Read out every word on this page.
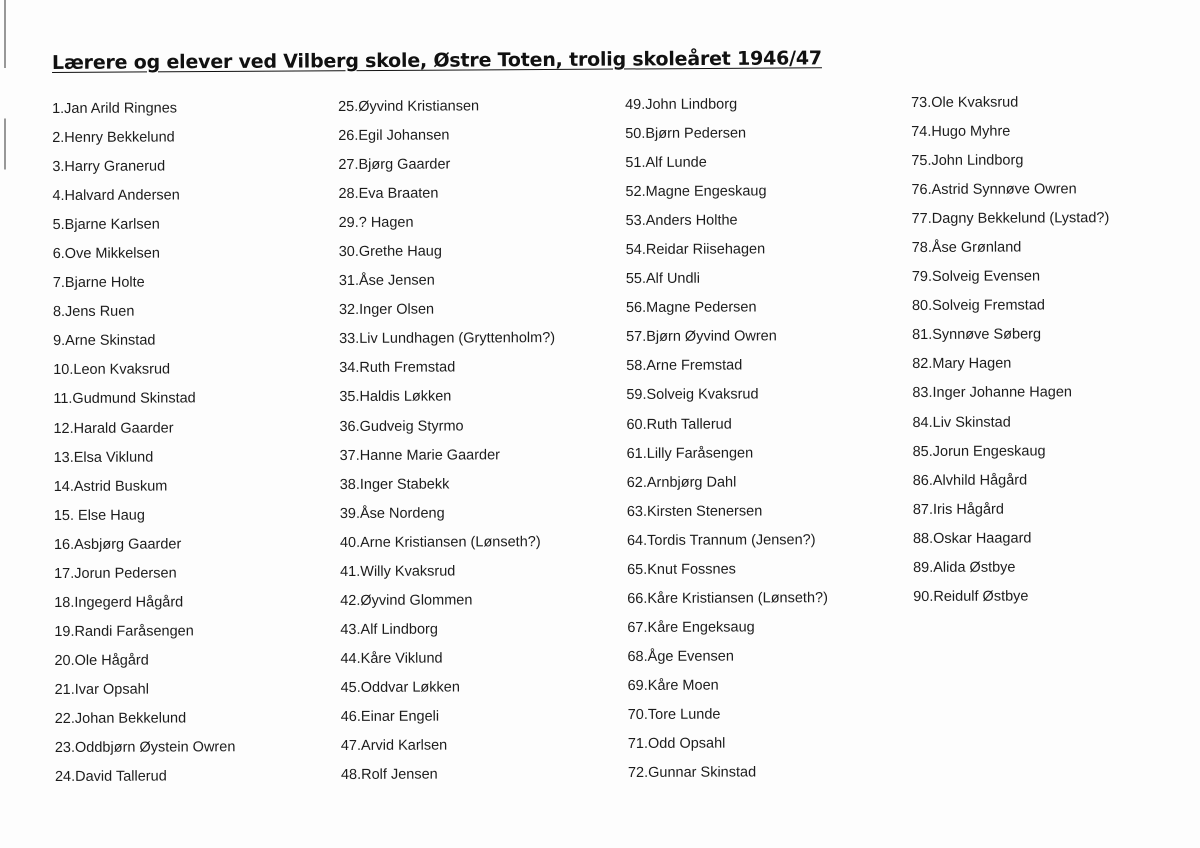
Lærere og elever ved Vilberg skole, Østre Toten, trolig skoleåret 1946/47
1.Jan Arild Ringnes
2.Henry Bekkelund
3.Harry Granerud
4.Halvard Andersen
5.Bjarne Karlsen
6.Ove Mikkelsen
7.Bjarne Holte
8.Jens Ruen
9.Arne Skinstad
10.Leon Kvaksrud
11.Gudmund Skinstad
12.Harald Gaarder
13.Elsa Viklund
14.Astrid Buskum
15. Else Haug
16.Asbjørg Gaarder
17.Jorun Pedersen
18.Ingegerd Hågård
19.Randi Faråsengen
20.Ole Hågård
21.Ivar Opsahl
22.Johan Bekkelund
23.Oddbjørn Øystein Owren
24.David Tallerud
25.Øyvind Kristiansen
26.Egil Johansen
27.Bjørg Gaarder
28.Eva Braaten
29.? Hagen
30.Grethe Haug
31.Åse Jensen
32.Inger Olsen
33.Liv Lundhagen (Gryttenholm?)
34.Ruth Fremstad
35.Haldis Løkken
36.Gudveig Styrmo
37.Hanne Marie Gaarder
38.Inger Stabekk
39.Åse Nordeng
40.Arne Kristiansen (Lønseth?)
41.Willy Kvaksrud
42.Øyvind Glommen
43.Alf Lindborg
44.Kåre Viklund
45.Oddvar Løkken
46.Einar Engeli
47.Arvid Karlsen
48.Rolf Jensen
49.John Lindborg
50.Bjørn Pedersen
51.Alf Lunde
52.Magne Engeskaug
53.Anders Holthe
54.Reidar Riisehagen
55.Alf Undli
56.Magne Pedersen
57.Bjørn Øyvind Owren
58.Arne Fremstad
59.Solveig Kvaksrud
60.Ruth Tallerud
61.Lilly Faråsengen
62.Arnbjørg Dahl
63.Kirsten Stenersen
64.Tordis Trannum (Jensen?)
65.Knut Fossnes
66.Kåre Kristiansen (Lønseth?)
67.Kåre Engeksaug
68.Åge Evensen
69.Kåre Moen
70.Tore Lunde
71.Odd Opsahl
72.Gunnar Skinstad
73.Ole Kvaksrud
74.Hugo Myhre
75.John Lindborg
76.Astrid Synnøve Owren
77.Dagny Bekkelund (Lystad?)
78.Åse Grønland
79.Solveig Evensen
80.Solveig Fremstad
81.Synnøve Søberg
82.Mary Hagen
83.Inger Johanne Hagen
84.Liv Skinstad
85.Jorun Engeskaug
86.Alvhild Hågård
87.Iris Hågård
88.Oskar Haagard
89.Alida Østbye
90.Reidulf Østbye
